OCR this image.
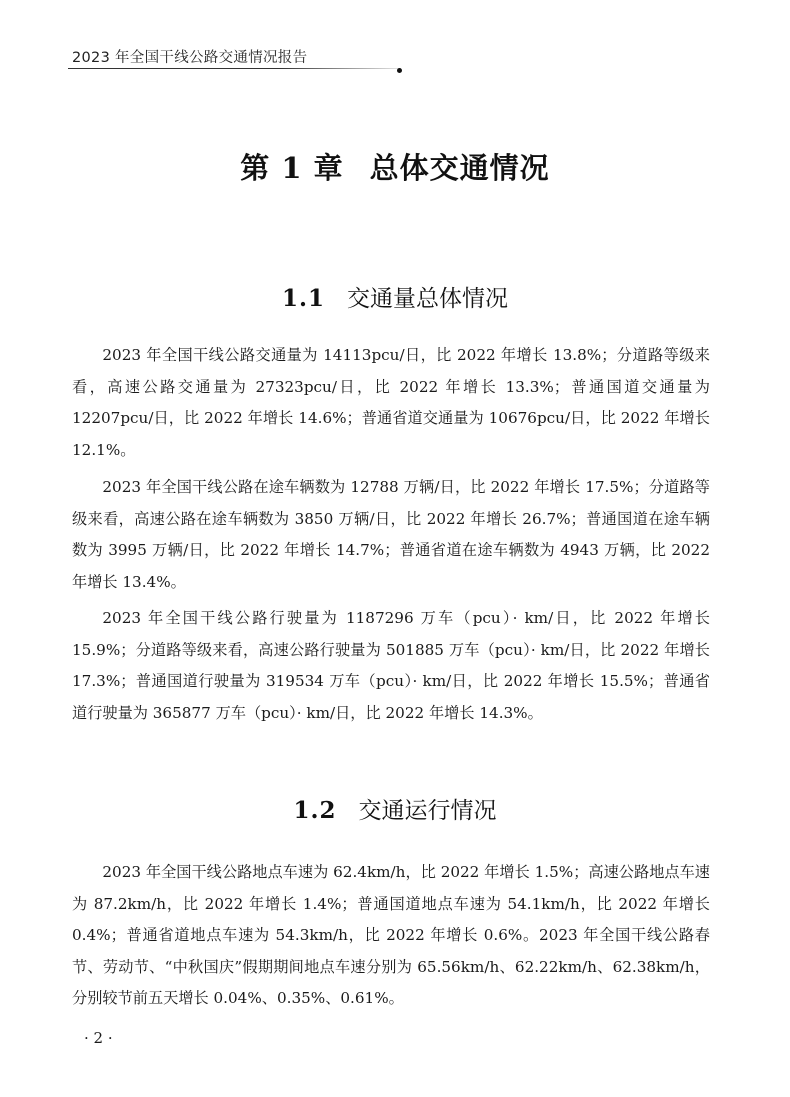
2023 年全国干线公路交通情况报告
第 1 章 总体交通情况
1.1 交通量总体情况

2023 年全国干线公路交通量为 14113pcu/日，比 2022 年增长 13.8%；分道路等级来看，高速公路交通量为 27323pcu/日，比 2022 年增长 13.3%；普通国道交通量为 12207pcu/日，比 2022 年增长 14.6%；普通省道交通量为 10676pcu/日，比 2022 年增长 12.1%。

2023 年全国干线公路在途车辆数为 12788 万辆/日，比 2022 年增长 17.5%；分道路等级来看，高速公路在途车辆数为 3850 万辆/日，比 2022 年增长 26.7%；普通国道在途车辆数为 3995 万辆/日，比 2022 年增长 14.7%；普通省道在途车辆数为 4943 万辆，比 2022 年增长 13.4%。

2023 年全国干线公路行驶量为 1187296 万车（pcu）· km/日，比 2022 年增长 15.9%；分道路等级来看，高速公路行驶量为 501885 万车（pcu）· km/日，比 2022 年增长 17.3%；普通国道行驶量为 319534 万车（pcu）· km/日，比 2022 年增长 15.5%；普通省道行驶量为 365877 万车（pcu）· km/日，比 2022 年增长 14.3%。

1.2 交通运行情况

2023 年全国干线公路地点车速为 62.4km/h，比 2022 年增长 1.5%；高速公路地点车速为 87.2km/h，比 2022 年增长 1.4%；普通国道地点车速为 54.1km/h，比 2022 年增长 0.4%；普通省道地点车速为 54.3km/h，比 2022 年增长 0.6%。2023 年全国干线公路春节、劳动节、“中秋国庆”假期期间地点车速分别为 65.56km/h、62.22km/h、62.38km/h，分别较节前五天增长 0.04%、0.35%、0.61%。

· 2 ·
